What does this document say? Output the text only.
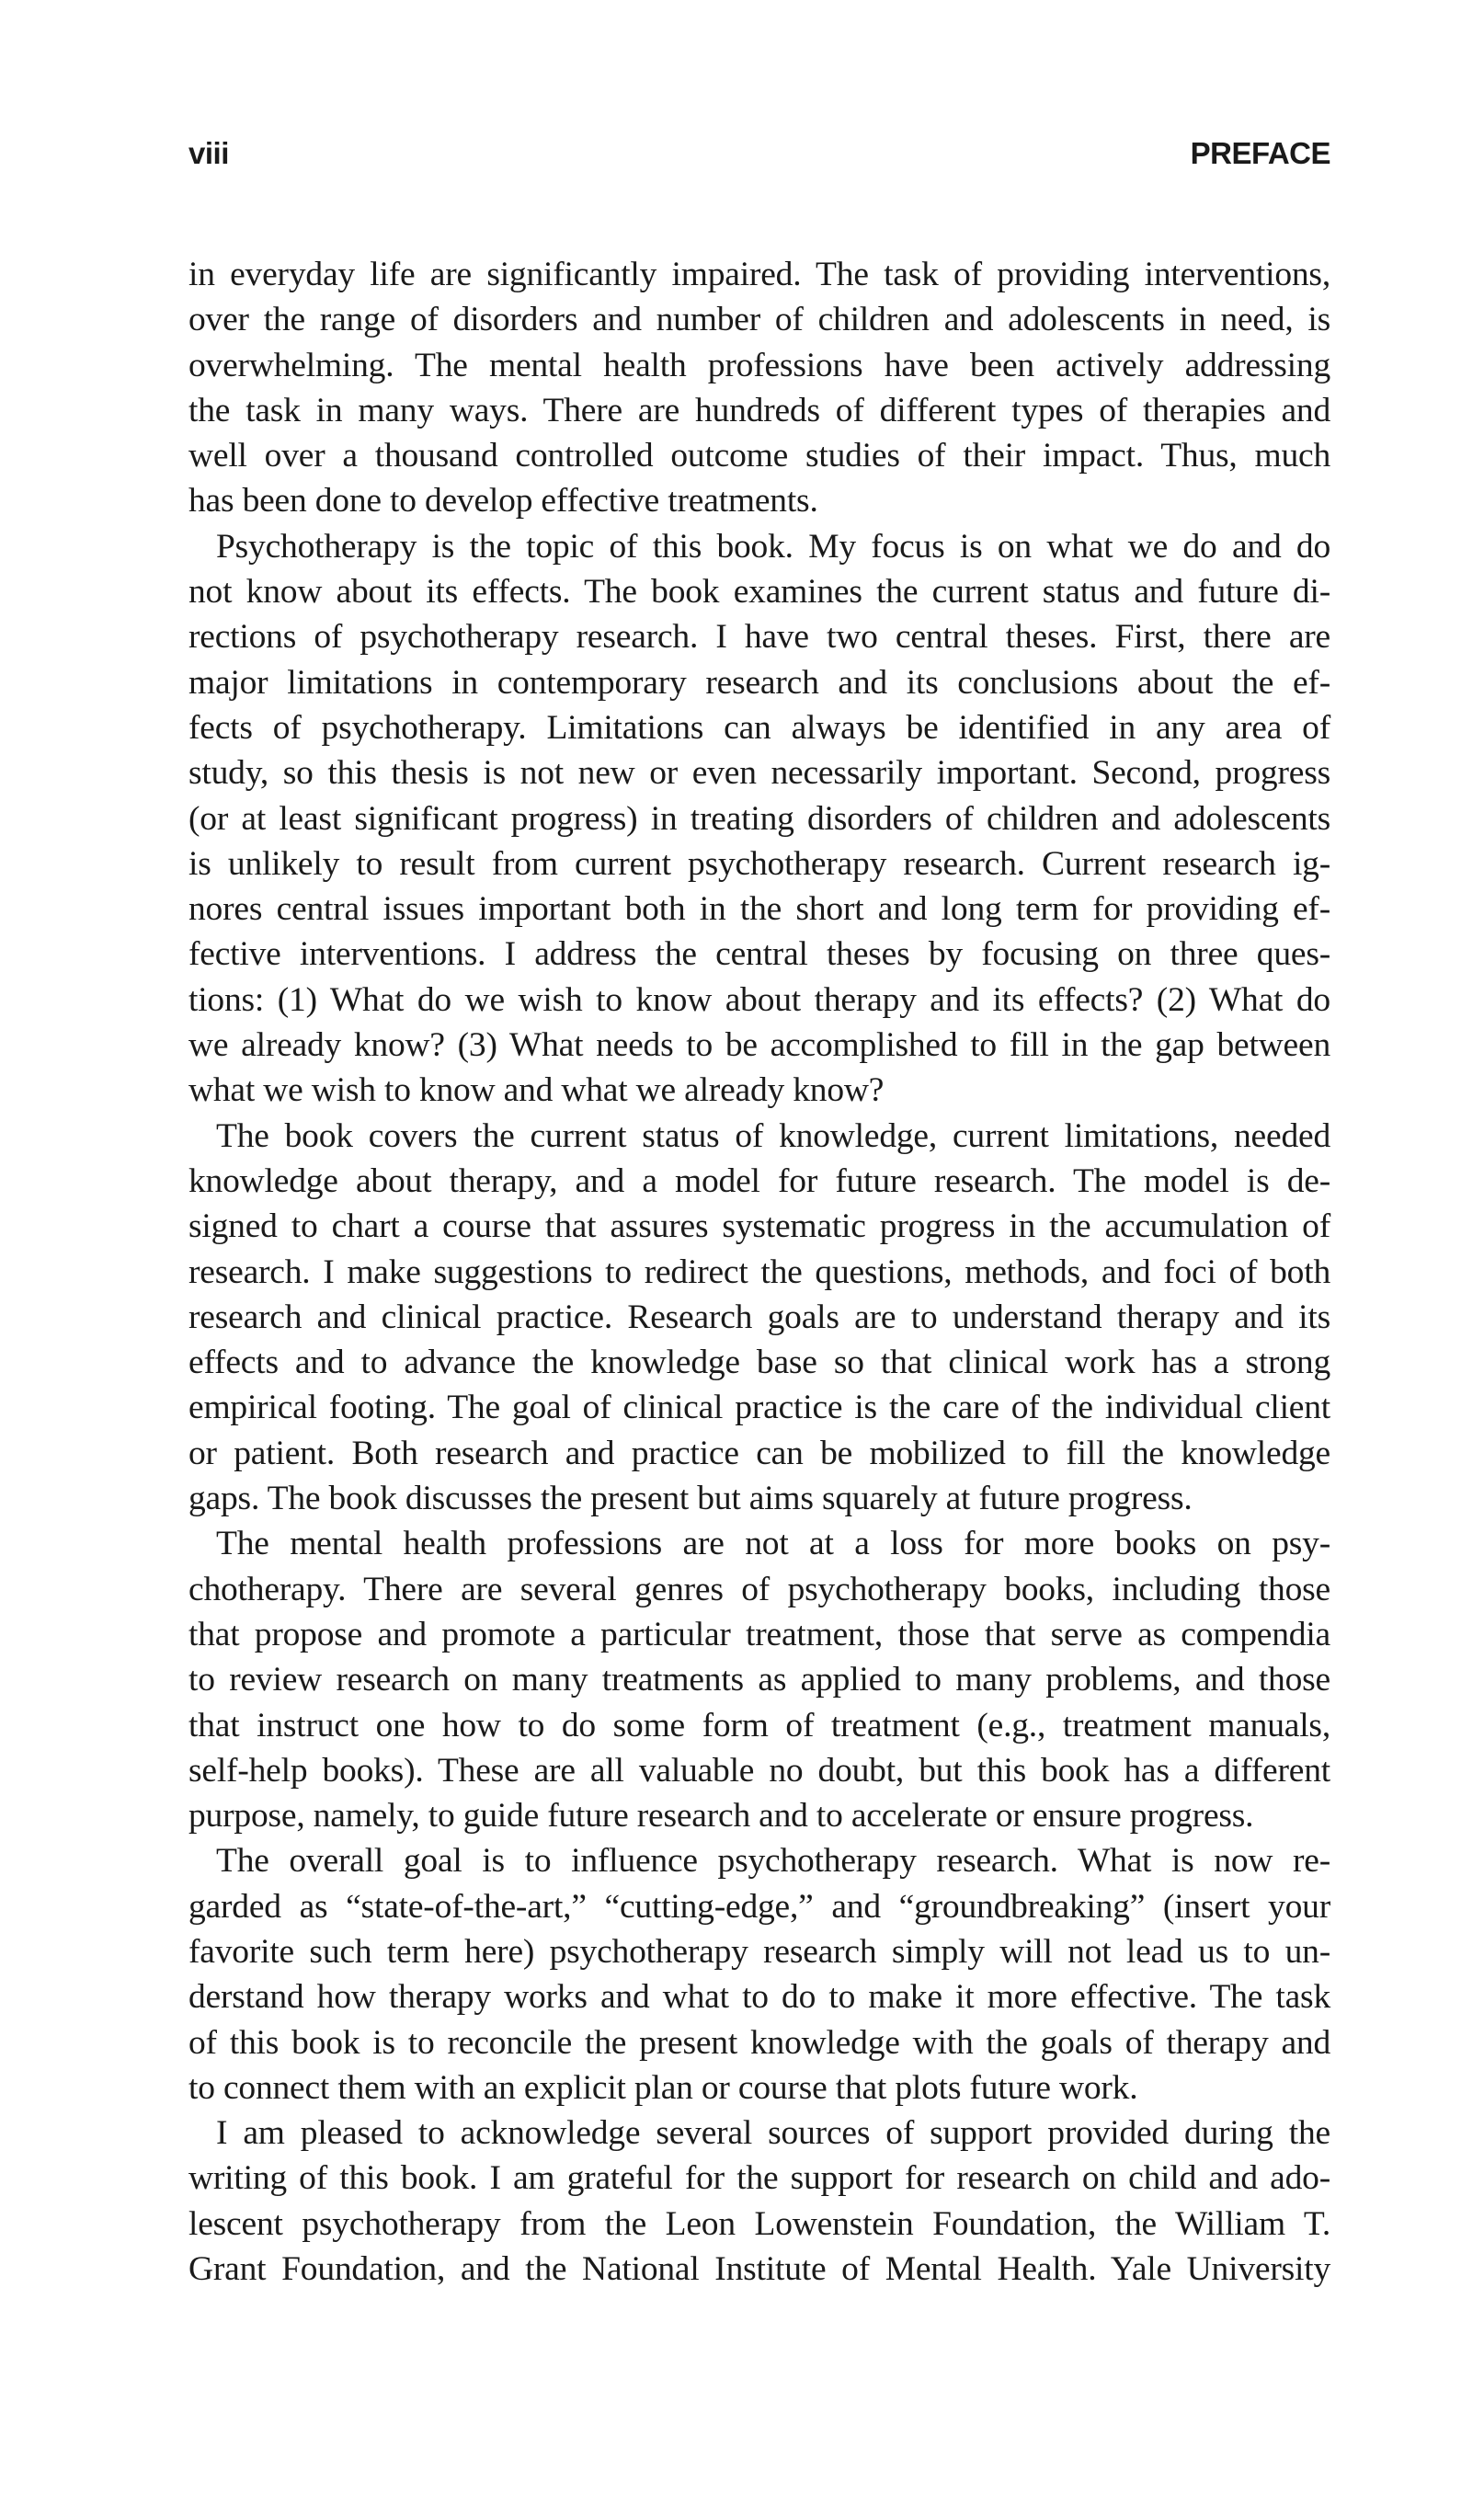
viii	PREFACE
in everyday life are significantly impaired. The task of providing interventions,
over the range of disorders and number of children and adolescents in need, is
overwhelming. The mental health professions have been actively addressing
the task in many ways. There are hundreds of different types of therapies and
well over a thousand controlled outcome studies of their impact. Thus, much
has been done to develop effective treatments.
Psychotherapy is the topic of this book. My focus is on what we do and do
not know about its effects. The book examines the current status and future di-
rections of psychotherapy research. I have two central theses. First, there are
major limitations in contemporary research and its conclusions about the ef-
fects of psychotherapy. Limitations can always be identified in any area of
study, so this thesis is not new or even necessarily important. Second, progress
(or at least significant progress) in treating disorders of children and adolescents
is unlikely to result from current psychotherapy research. Current research ig-
nores central issues important both in the short and long term for providing ef-
fective interventions. I address the central theses by focusing on three ques-
tions: (1) What do we wish to know about therapy and its effects? (2) What do
we already know? (3) What needs to be accomplished to fill in the gap between
what we wish to know and what we already know?
The book covers the current status of knowledge, current limitations, needed
knowledge about therapy, and a model for future research. The model is de-
signed to chart a course that assures systematic progress in the accumulation of
research. I make suggestions to redirect the questions, methods, and foci of both
research and clinical practice. Research goals are to understand therapy and its
effects and to advance the knowledge base so that clinical work has a strong
empirical footing. The goal of clinical practice is the care of the individual client
or patient. Both research and practice can be mobilized to fill the knowledge
gaps. The book discusses the present but aims squarely at future progress.
The mental health professions are not at a loss for more books on psy-
chotherapy. There are several genres of psychotherapy books, including those
that propose and promote a particular treatment, those that serve as compendia
to review research on many treatments as applied to many problems, and those
that instruct one how to do some form of treatment (e.g., treatment manuals,
self-help books). These are all valuable no doubt, but this book has a different
purpose, namely, to guide future research and to accelerate or ensure progress.
The overall goal is to influence psychotherapy research. What is now re-
garded as “state-of-the-art,” “cutting-edge,” and “groundbreaking” (insert your
favorite such term here) psychotherapy research simply will not lead us to un-
derstand how therapy works and what to do to make it more effective. The task
of this book is to reconcile the present knowledge with the goals of therapy and
to connect them with an explicit plan or course that plots future work.
I am pleased to acknowledge several sources of support provided during the
writing of this book. I am grateful for the support for research on child and ado-
lescent psychotherapy from the Leon Lowenstein Foundation, the William T.
Grant Foundation, and the National Institute of Mental Health. Yale University
